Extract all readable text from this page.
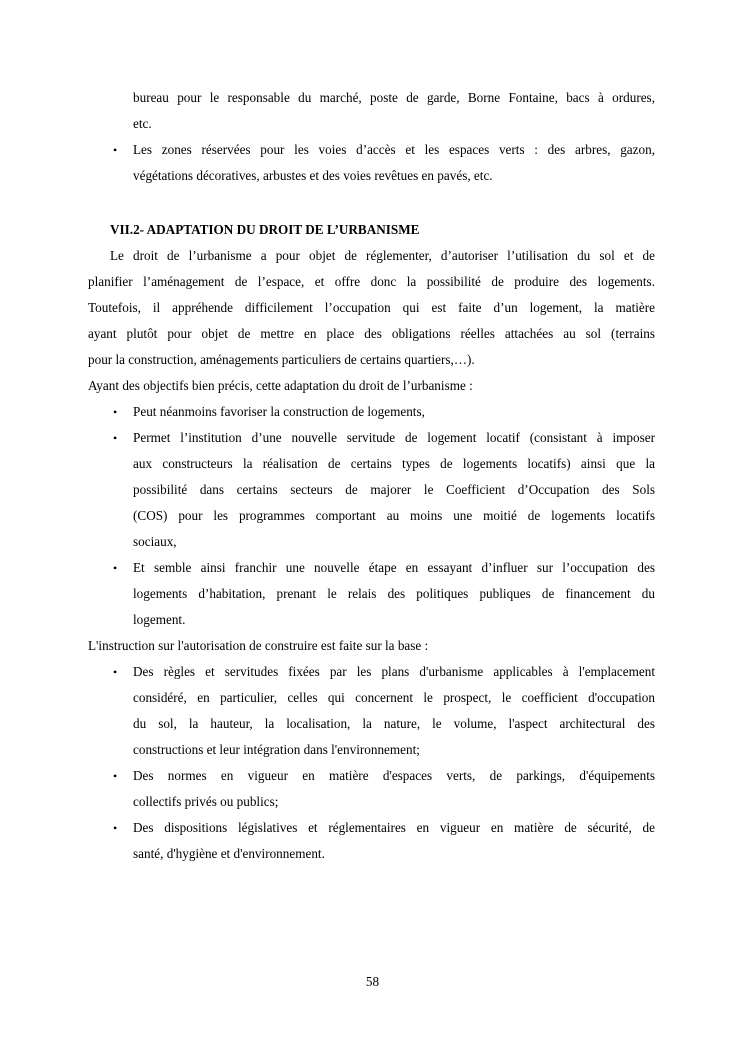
bureau pour le responsable du marché, poste de garde, Borne Fontaine, bacs à ordures,
etc.
• Les zones réservées pour les voies d’accès et les espaces verts : des arbres, gazon,
végétations décoratives, arbustes et des voies revêtues en pavés, etc.
VII.2- ADAPTATION DU DROIT DE L’URBANISME
Le droit de l’urbanisme a pour objet de réglementer, d’autoriser l’utilisation du sol et de
planifier l’aménagement de l’espace, et offre donc la possibilité de produire des logements.
Toutefois, il appréhende difficilement l’occupation qui est faite d’un logement, la matière
ayant plutôt pour objet de mettre en place des obligations réelles attachées au sol (terrains
pour la construction, aménagements particuliers de certains quartiers,…).
Ayant des objectifs bien précis, cette adaptation du droit de l’urbanisme :
• Peut néanmoins favoriser la construction de logements,
• Permet l’institution d’une nouvelle servitude de logement locatif (consistant à imposer
aux constructeurs la réalisation de certains types de logements locatifs) ainsi que la
possibilité dans certains secteurs de majorer le Coefficient d’Occupation des Sols
(COS) pour les programmes comportant au moins une moitié de logements locatifs
sociaux,
• Et semble ainsi franchir une nouvelle étape en essayant d’influer sur l’occupation des
logements d’habitation, prenant le relais des politiques publiques de financement du
logement.
L'instruction sur l'autorisation de construire est faite sur la base :
• Des règles et servitudes fixées par les plans d'urbanisme applicables à l'emplacement
considéré, en particulier, celles qui concernent le prospect, le coefficient d'occupation
du sol, la hauteur, la localisation, la nature, le volume, l'aspect architectural des
constructions et leur intégration dans l'environnement;
• Des normes en vigueur en matière d'espaces verts, de parkings, d'équipements
collectifs privés ou publics;
• Des dispositions législatives et réglementaires en vigueur en matière de sécurité, de
santé, d'hygiène et d'environnement.
58
